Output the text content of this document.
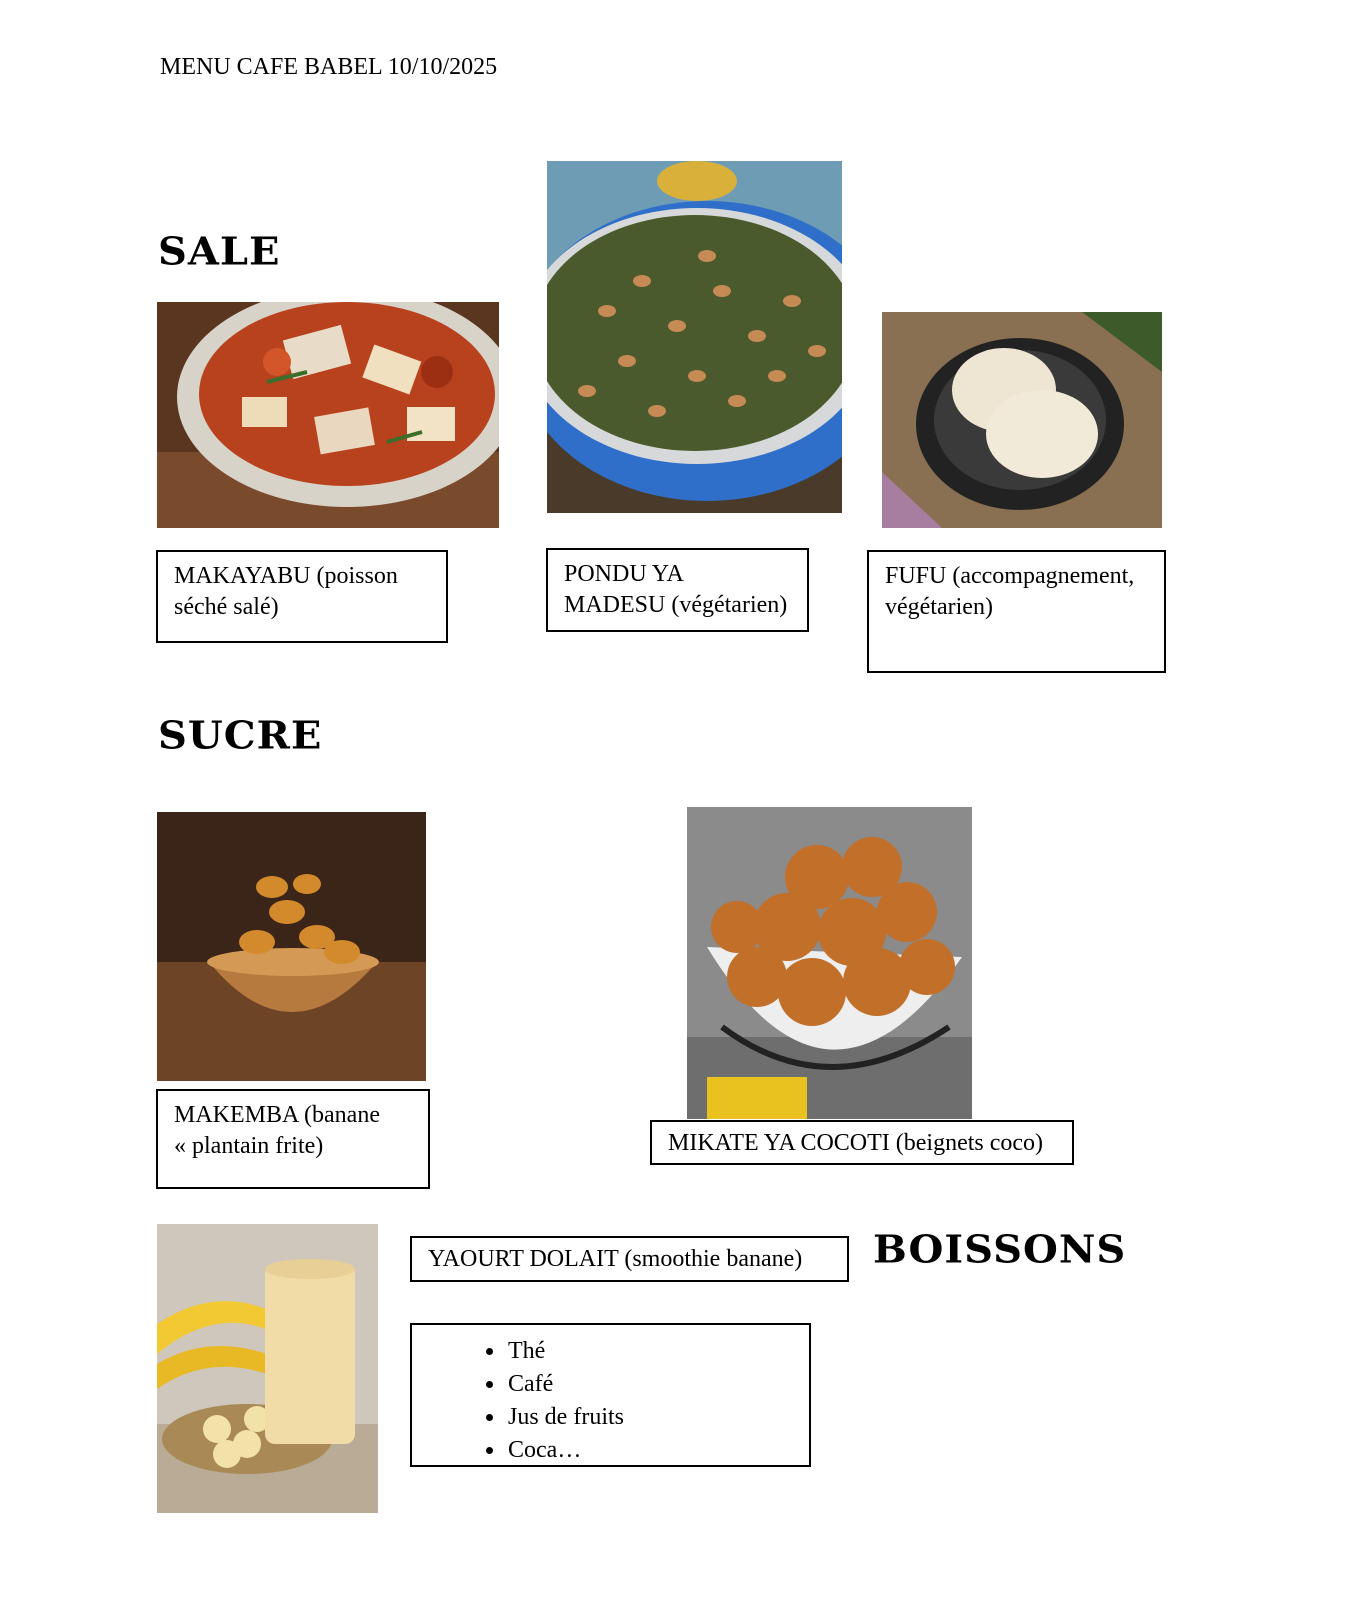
MENU CAFE BABEL 10/10/2025
SALE
SUCRE
BOISSONS
MAKAYABU (poisson
séché salé)
PONDU YA
MADESU (végétarien)
FUFU (accompagnement,
végétarien)
MAKEMBA (banane
« plantain frite)	MIKATE YA COCOTI (beignets coco)
YAOURT DOLAIT (smoothie banane)
• Thé
• Café
• Jus de fruits
• Coca…
